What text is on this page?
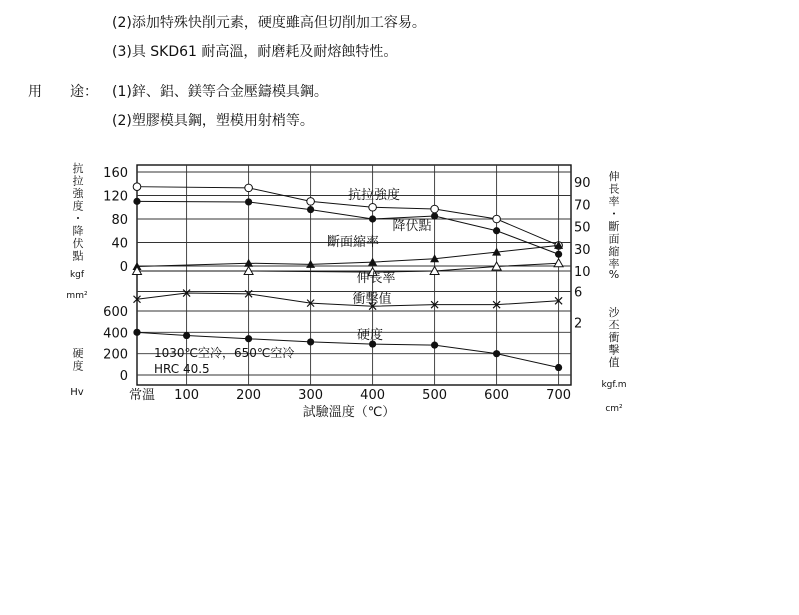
(2)添加特殊快削元素，硬度雖高但切削加工容易。
(3)具 SKD61 耐高溫，耐磨耗及耐熔蝕特性。
用　　途： (1)鋅、鋁、鎂等合金壓鑄模具鋼。
(2)塑膠模具鋼，塑模用射梢等。
常溫 100	200	300	400	500	600	700
0
40
80
120
160
0
200
400
600
10
30
50
70
90
2
6
抗
拉
強
度
・
降
伏
點
kgf
mm²
硬
度
Hv
伸
長
率
・
斷
面
縮
率
%
沙
丕
衝
擊
值
kgf.m
cm²
試驗溫度（℃）
抗拉強度
降伏點
斷面縮率
伸長率
衝擊值
硬度
1030℃空冷，650℃空冷
HRC 40.5
